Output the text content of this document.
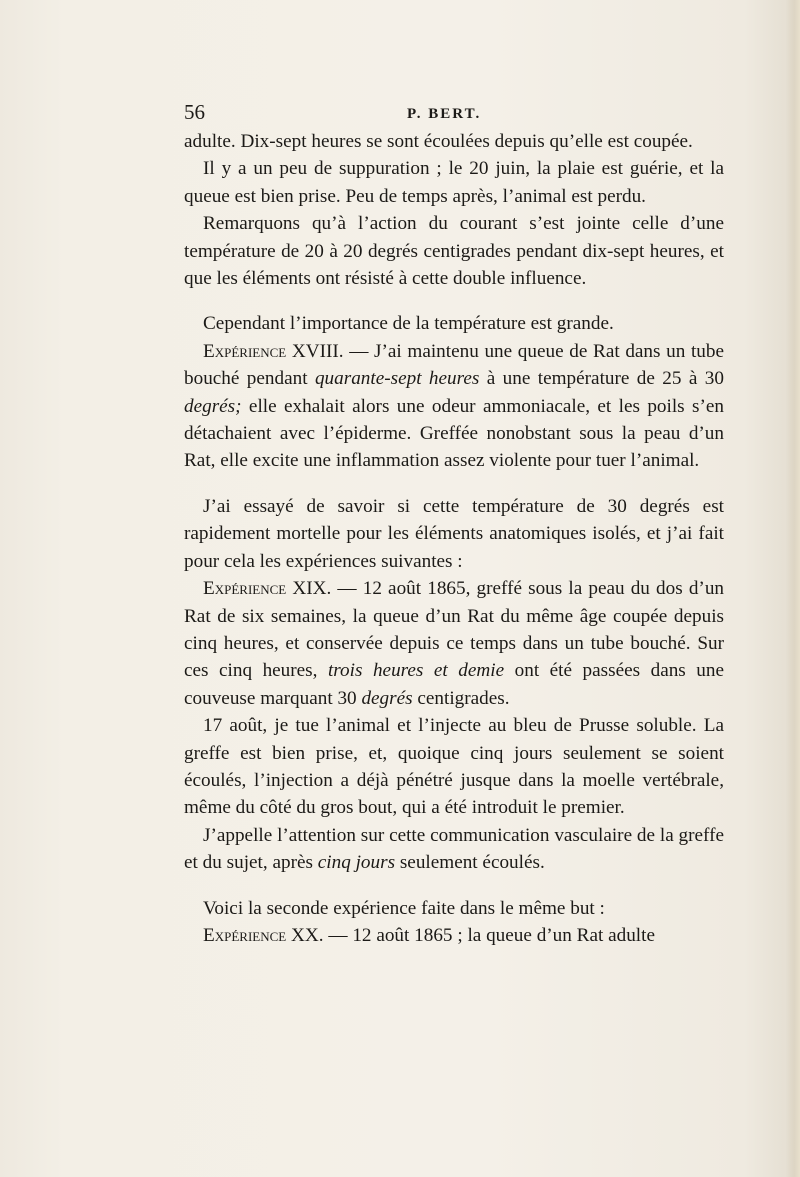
56	P. BERT.

adulte. Dix-sept heures se sont écoulées depuis qu’elle est coupée.

Il y a un peu de suppuration ; le 20 juin, la plaie est guérie, et la queue est bien prise. Peu de temps après, l’animal est perdu.

Remarquons qu’à l’action du courant s’est jointe celle d’une température de 20 à 20 degrés centigrades pendant dix-sept heures, et que les éléments ont résisté à cette double influence.

Cependant l’importance de la température est grande.

Expérience XVIII. — J’ai maintenu une queue de Rat dans un tube bouché pendant quarante-sept heures à une température de 25 à 30 degrés; elle exhalait alors une odeur ammoniacale, et les poils s’en détachaient avec l’épiderme. Greffée nonobstant sous la peau d’un Rat, elle excite une inflammation assez violente pour tuer l’animal.

J’ai essayé de savoir si cette température de 30 degrés est rapidement mortelle pour les éléments anatomiques isolés, et j’ai fait pour cela les expériences suivantes :

Expérience XIX. — 12 août 1865, greffé sous la peau du dos d’un Rat de six semaines, la queue d’un Rat du même âge coupée depuis cinq heures, et conservée depuis ce temps dans un tube bouché. Sur ces cinq heures, trois heures et demie ont été passées dans une couveuse marquant 30 degrés centigrades.

17 août, je tue l’animal et l’injecte au bleu de Prusse soluble. La greffe est bien prise, et, quoique cinq jours seulement se soient écoulés, l’injection a déjà pénétré jusque dans la moelle vertébrale, même du côté du gros bout, qui a été introduit le premier.

J’appelle l’attention sur cette communication vasculaire de la greffe et du sujet, après cinq jours seulement écoulés.

Voici la seconde expérience faite dans le même but :

Expérience XX. — 12 août 1865 ; la queue d’un Rat adulte
